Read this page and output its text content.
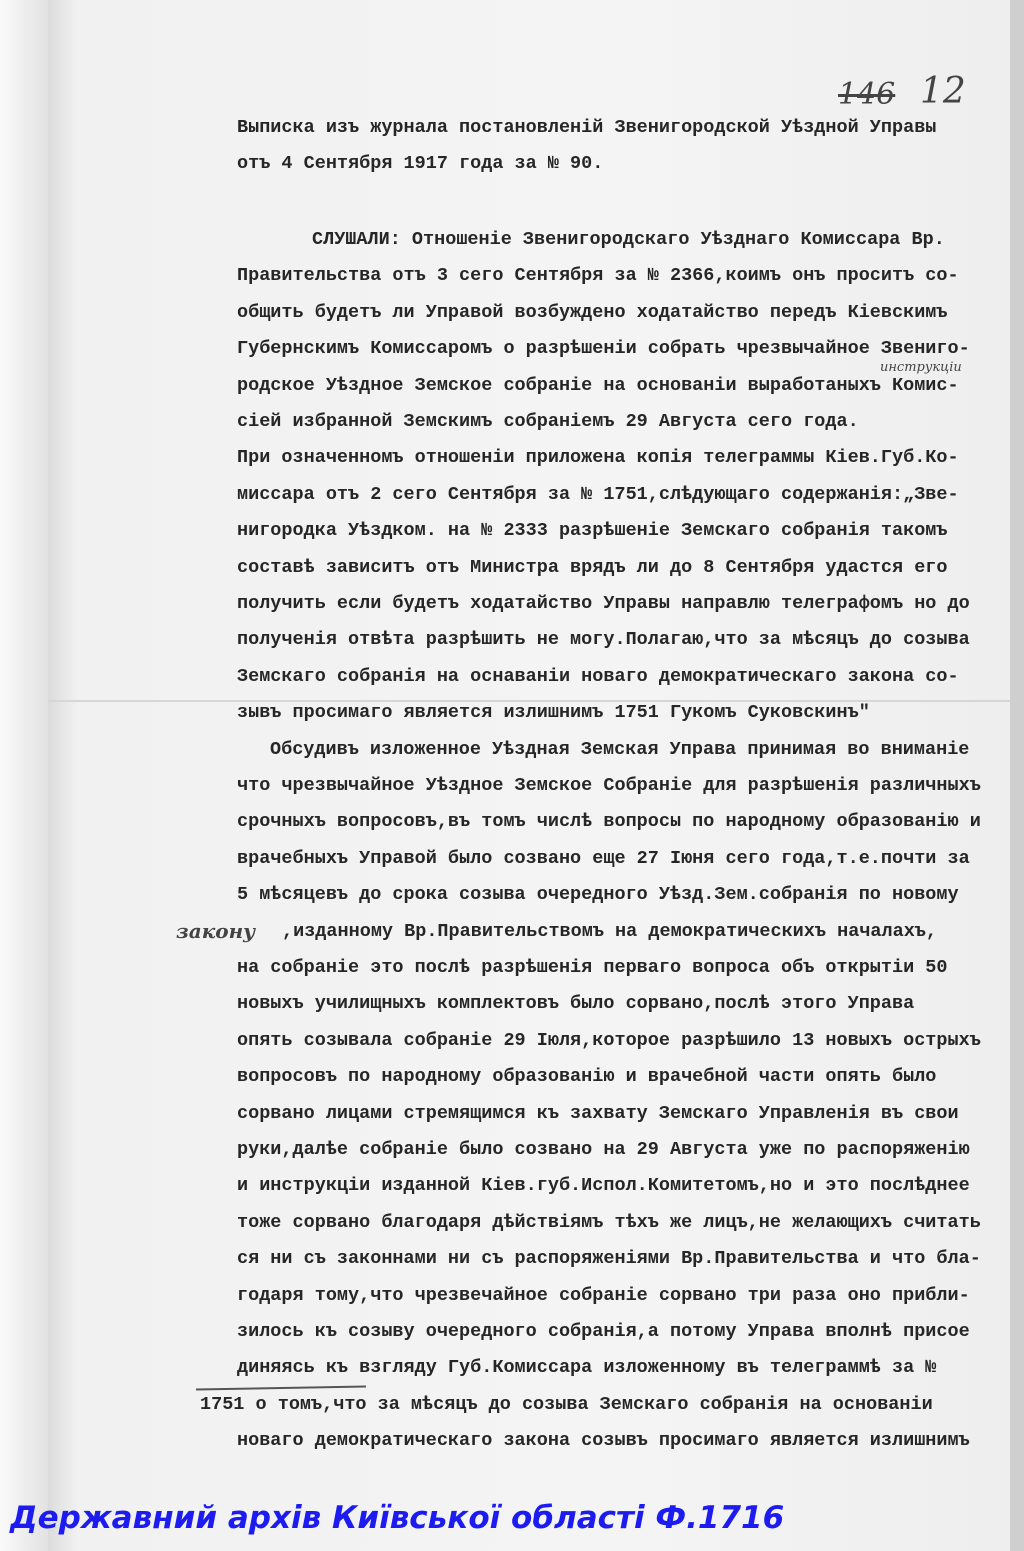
146 12
инструкціи
закону
Выписка изъ журнала постановленій Звенигородской Уѣздной Управы
отъ 4 Сентября 1917 года за № 90.
СЛУШАЛИ: Отношеніе Звенигородскаго Уѣзднаго Комиссара Вр.
Правительства отъ 3 сего Сентября за № 2366,коимъ онъ проситъ со-
общить будетъ ли Управой возбуждено ходатайство передъ Кіевскимъ
Губернскимъ Комиссаромъ о разрѣшеніи собрать чрезвычайное Звениго-
родское Уѣздное Земское собраніе на основаніи выработаныхъ Комис-
сіей избранной Земскимъ собраніемъ 29 Августа сего года.
При означенномъ отношеніи приложена копія телеграммы Кіев.Губ.Ко-
миссара отъ 2 сего Сентября за № 1751,слѣдующаго содержанія:„Зве-
нигородка Уѣздком. на № 2333 разрѣшеніе Земскаго собранія такомъ
составѣ зависитъ отъ Министра врядъ ли до 8 Сентября удастся его
получить если будетъ ходатайство Управы направлю телеграфомъ но до
полученія отвѣта разрѣшить не могу.Полагаю,что за мѣсяцъ до созыва
Земскаго собранія на оснаваніи новаго демократическаго закона со-
зывъ просимаго является излишнимъ 1751 Гукомъ Суковскинъ"
Обсудивъ изложенное Уѣздная Земская Управа принимая во вниманіе
что чрезвычайное Уѣздное Земское Собраніе для разрѣшенія различныхъ
срочныхъ вопросовъ,въ томъ числѣ вопросы по народному образованію и
врачебныхъ Управой было созвано еще 27 Іюня сего года,т.е.почти за
5 мѣсяцевъ до срока созыва очередного Уѣзд.Зем.собранія по новому
,изданному Вр.Правительствомъ на демократическихъ началахъ,
на собраніе это послѣ разрѣшенія перваго вопроса объ открытіи 50
новыхъ училищныхъ комплектовъ было сорвано,послѣ этого Управа
опять созывала собраніе 29 Іюля,которое разрѣшило 13 новыхъ острыхъ
вопросовъ по народному образованію и врачебной части опять было
сорвано лицами стремящимся къ захвату Земскаго Управленія въ свои
руки,далѣе собраніе было созвано на 29 Августа уже по распоряженію
и инструкціи изданной Кіев.губ.Испол.Комитетомъ,но и это послѣднее
тоже сорвано благодаря дѣйствіямъ тѣхъ же лицъ,не желающихъ считать
ся ни съ законнами ни съ распоряженіями Вр.Правительства и что бла-
годаря тому,что чрезвечайное собраніе сорвано три раза оно прибли-
зилось къ созыву очередного собранія,а потому Управа вполнѣ присое
диняясь къ взгляду Губ.Комиссара изложенному въ телеграммѣ за №
1751 о томъ,что за мѣсяцъ до созыва Земскаго собранія на основаніи
новаго демократическаго закона созывъ просимаго является излишнимъ
Державний архів Київської області Ф.1716
